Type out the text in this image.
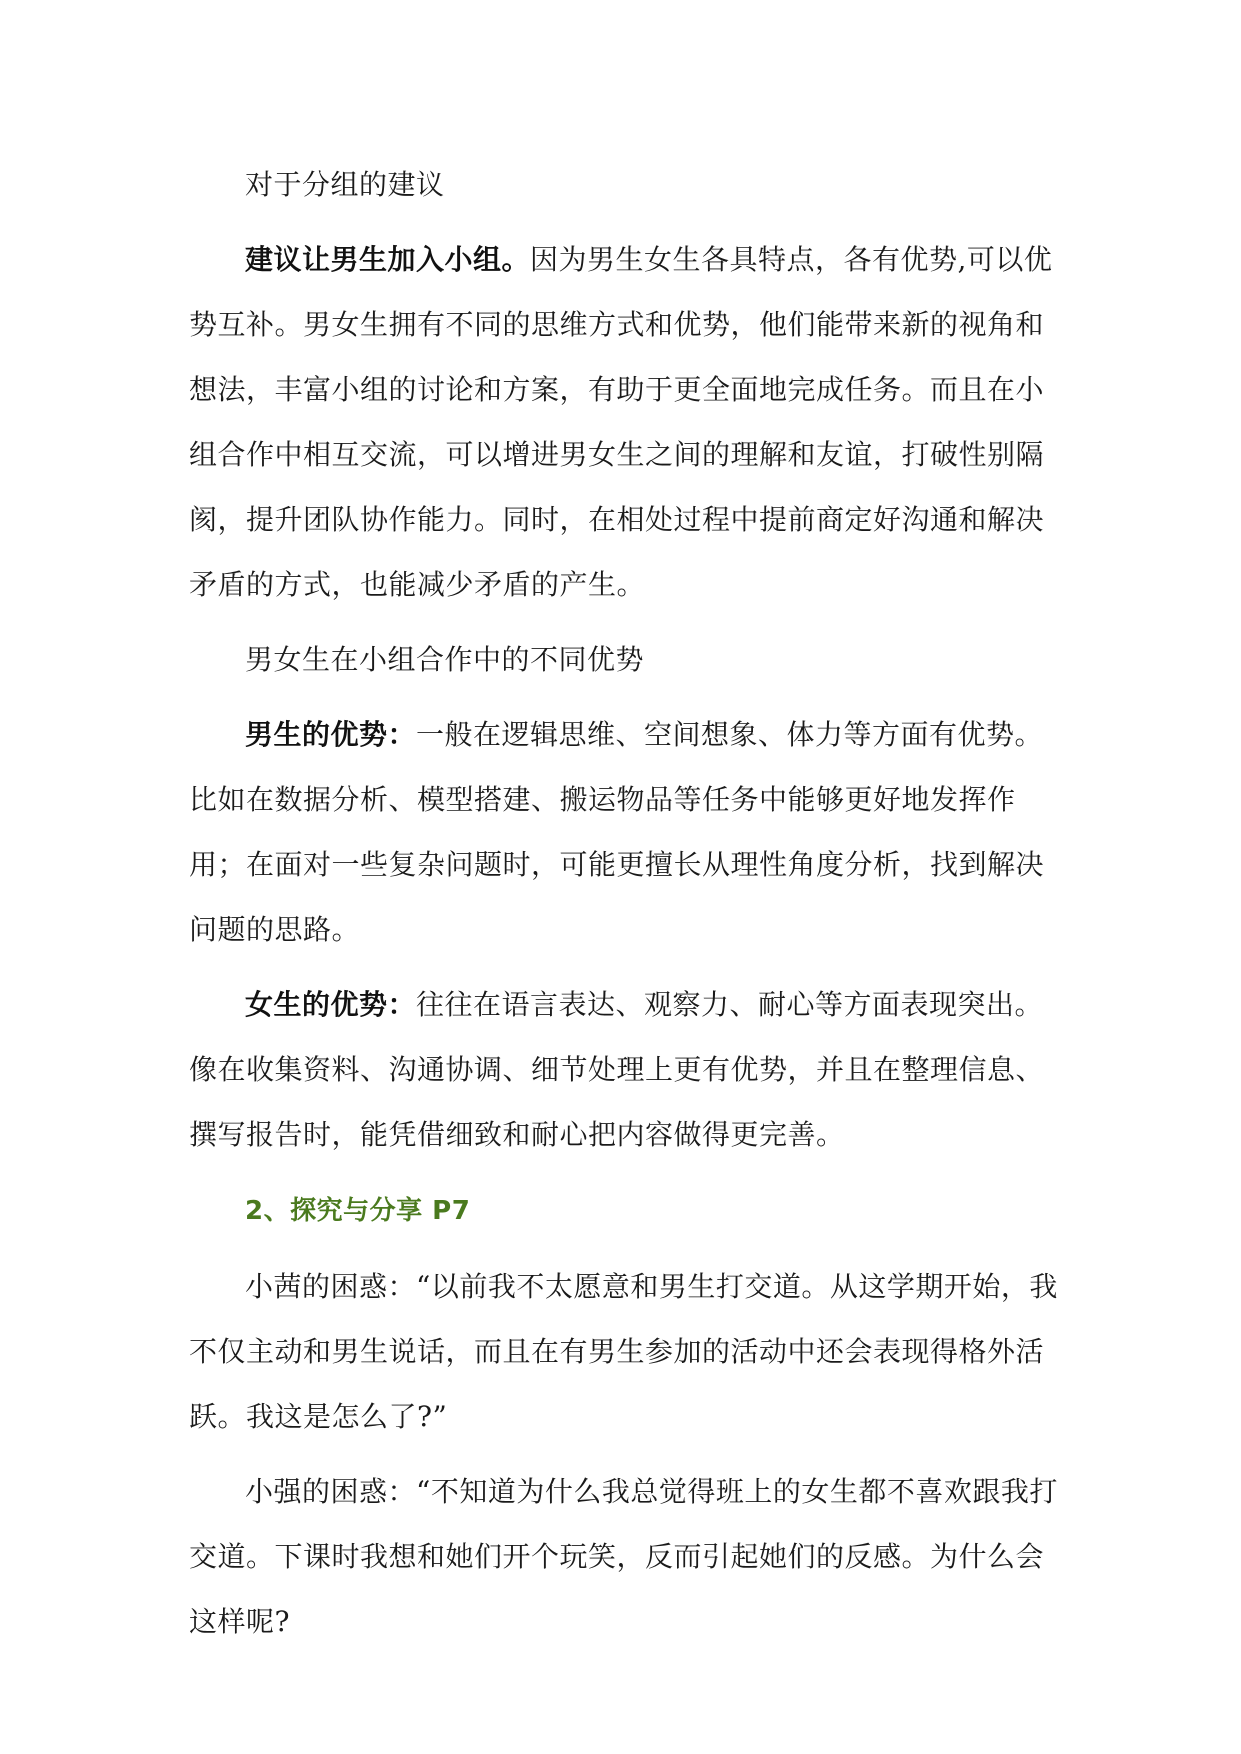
对于分组的建议

建议让男生加入小组。因为男生女生各具特点，各有优势,可以优势互补。男女生拥有不同的思维方式和优势，他们能带来新的视角和想法，丰富小组的讨论和方案，有助于更全面地完成任务。而且在小组合作中相互交流，可以增进男女生之间的理解和友谊，打破性别隔阂，提升团队协作能力。同时，在相处过程中提前商定好沟通和解决矛盾的方式，也能减少矛盾的产生。

男女生在小组合作中的不同优势

男生的优势：一般在逻辑思维、空间想象、体力等方面有优势。比如在数据分析、模型搭建、搬运物品等任务中能够更好地发挥作用；在面对一些复杂问题时，可能更擅长从理性角度分析，找到解决问题的思路。

女生的优势：往往在语言表达、观察力、耐心等方面表现突出。像在收集资料、沟通协调、细节处理上更有优势，并且在整理信息、撰写报告时，能凭借细致和耐心把内容做得更完善。

2、探究与分享 P7

小茜的困惑：“以前我不太愿意和男生打交道。从这学期开始，我不仅主动和男生说话，而且在有男生参加的活动中还会表现得格外活跃。我这是怎么了?”

小强的困惑：“不知道为什么我总觉得班上的女生都不喜欢跟我打交道。下课时我想和她们开个玩笑，反而引起她们的反感。为什么会这样呢?
